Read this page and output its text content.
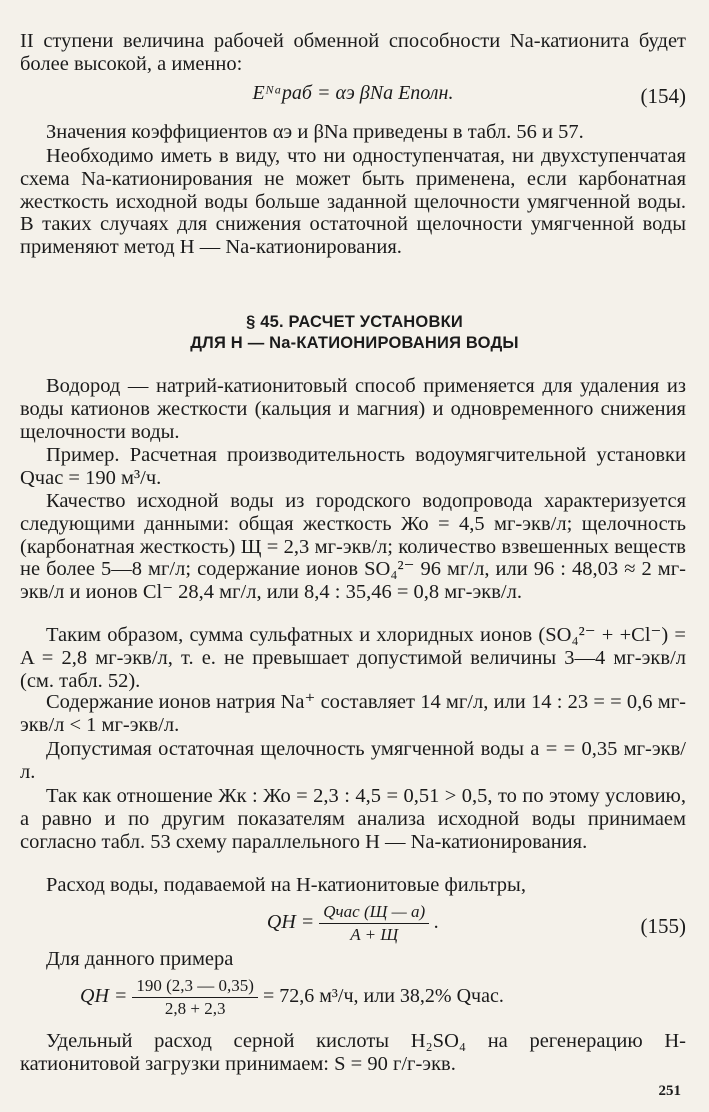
II ступени величина рабочей обменной способности Na-катионита будет более высокой, а именно:
Eᴺᵃраб = αэ βNa Eполн.	(154)
Значения коэффициентов αэ и βNa приведены в табл. 56 и 57.
Необходимо иметь в виду, что ни одноступенчатая, ни двухступенчатая схема Na-катионирования не может быть применена, если карбонатная жесткость исходной воды больше заданной щелочности умягченной воды. В таких случаях для снижения остаточной щелочности умягченной воды применяют метод H — Na-катионирования.
§ 45. РАСЧЕТ УСТАНОВКИ
ДЛЯ H — Na-КАТИОНИРОВАНИЯ ВОДЫ
Водород — натрий-катионитовый способ применяется для удаления из воды катионов жесткости (кальция и магния) и одновременного снижения щелочности воды.
Пример. Расчетная производительность водоумягчительной установки Qчас = 190 м³/ч.
Качество исходной воды из городского водопровода характеризуется следующими данными: общая жесткость Жо = 4,5 мг-экв/л; щелочность (карбонатная жесткость) Щ = 2,3 мг-экв/л; количество взвешенных веществ не более 5—8 мг/л; содержание ионов SO₄²⁻ 96 мг/л, или 96 : 48,03 ≈ 2 мг-экв/л и ионов Cl⁻ 28,4 мг/л, или 8,4 : 35,46 = 0,8 мг-экв/л.
Таким образом, сумма сульфатных и хлоридных ионов (SO₄²⁻ + +Cl⁻) = A = 2,8 мг-экв/л, т. е. не превышает допустимой величины 3—4 мг-экв/л (см. табл. 52).
Содержание ионов натрия Na⁺ составляет 14 мг/л, или 14 : 23 = = 0,6 мг-экв/л < 1 мг-экв/л.
Допустимая остаточная щелочность умягченной воды a = = 0,35 мг-экв/л.
Так как отношение Жк : Жо = 2,3 : 4,5 = 0,51 > 0,5, то по этому условию, а равно и по другим показателям анализа исходной воды принимаем согласно табл. 53 схему параллельного H — Na-катионирования.
Расход воды, подаваемой на H-катионитовые фильтры,
QH = $\frac{\text{Qчас (Щ — a)}}{A + Щ}$ .	(155)
Для данного примера
QH = $\frac{190 (2,3 — 0,35)}{2,8 + 2,3} = 72,6$ м³/ч, или 38,2% Qчас.
Удельный расход серной кислоты H₂SO₄ на регенерацию H-катионитовой загрузки принимаем: S = 90 г/г-экв.
251
